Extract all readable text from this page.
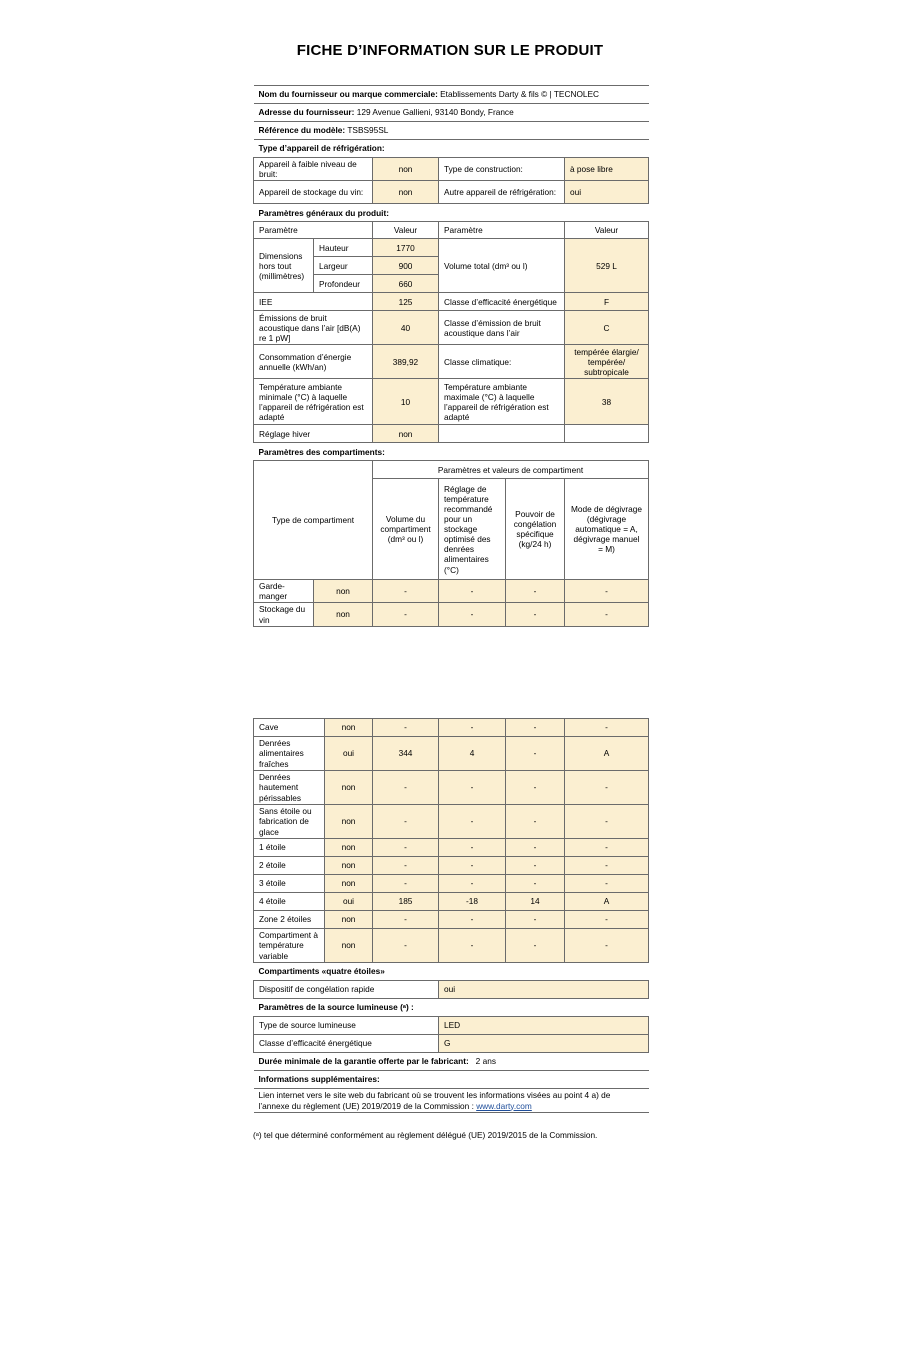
FICHE D’INFORMATION SUR LE PRODUIT
Nom du fournisseur ou marque commerciale: Etablissements Darty & fils © | TECNOLEC					
Adresse du fournisseur: 129 Avenue Gallieni, 93140 Bondy, France					
Référence du modèle: TSBS95SL					
Type d’appareil de réfrigération:					
Appareil à faible niveau de bruit:		non	Type de construction:		à pose libre
Appareil de stockage du vin:		non	Autre appareil de réfrigération:		oui
Paramètres généraux du produit:					
Paramètre		Valeur	Paramètre		Valeur
Dimensions hors tout (millimètres)	Hauteur	1770	Volume total (dm³ ou l)		529 L
	Largeur	900			
	Profondeur	660			
IEE		125	Classe d’efficacité énergétique		F
Émissions de bruit acoustique dans l’air [dB(A) re 1 pW]		40	Classe d’émission de bruit acoustique dans l’air		C
Consommation d’énergie annuelle (kWh/an)		389,92	Classe climatique:		tempérée élargie/ tempérée/ subtropicale
Température ambiante minimale (°C) à laquelle l’appareil de réfrigération est adapté		10	Température ambiante maximale (°C) à laquelle l’appareil de réfrigération est adapté		38
Réglage hiver		non			
Paramètres des compartiments:					
Type de compartiment		Paramètres et valeurs de compartiment			
		Volume du compartiment (dm³ ou l)	Réglage de température recommandé pour un stockage optimisé des denrées alimentaires (°C)	Pouvoir de congélation spécifique (kg/24 h)	Mode de dégivrage (dégivrage automatique = A, dégivrage manuel = M)
Garde-manger	non	-	-	-	-
Stockage du vin	non	-	-	-	-
Cave	non	-	-	-	-
Denrées alimentaires fraîches	oui	344	4	-	A
Denrées hautement périssables	non	-	-	-	-
Sans étoile ou fabrication de glace	non	-	-	-	-
1 étoile	non	-	-	-	-
2 étoile	non	-	-	-	-
3 étoile	non	-	-	-	-
4 étoile	oui	185	-18	14	A
Zone 2 étoiles	non	-	-	-	-
Compartiment à température variable	non	-	-	-	-
Compartiments «quatre étoiles»					
Dispositif de congélation rapide			oui		
Paramètres de la source lumineuse (ᵃ) :					
Type de source lumineuse			LED		
Classe d’efficacité énergétique			G		
Durée minimale de la garantie offerte par le fabricant: 2 ans					
Informations supplémentaires:					
Lien internet vers le site web du fabricant où se trouvent les informations visées au point 4 a) de l’annexe du règlement (UE) 2019/2019 de la Commission : www.darty.com					
(ᵃ) tel que déterminé conformément au règlement délégué (UE) 2019/2015 de la Commission.
